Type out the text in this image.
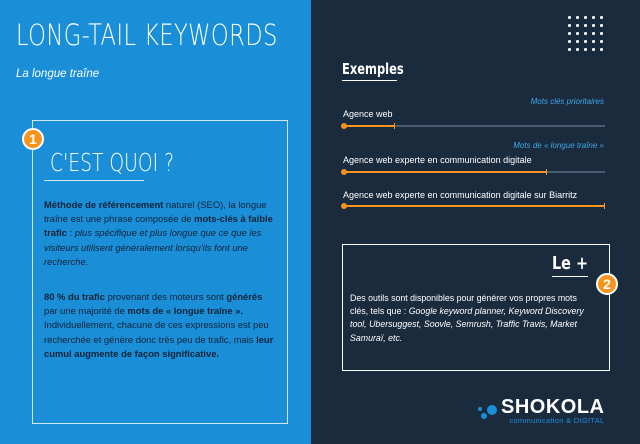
LONG-TAIL KEYWORDS
La longue traîne
1
C'EST QUOI ?

Méthode de référencement naturel (SEO), la longue traîne est une phrase composée de mots-clés à faible trafic : plus spécifique et plus longue que ce que les visiteurs utilisent généralement lorsqu'ils font une recherche.

80 % du trafic provenant des moteurs sont générés par une majorité de mots de « longue traîne ». Individuellement, chacune de ces expressions est peu recherchée et génère donc très peu de trafic, mais leur cumul augmente de façon significative.

Exemples
Mots clés prioritaires
Mots de « longue traîne »
Agence web
Agence web experte en communication digitale
Agence web experte en communication digitale sur Biarritz
Le +
2

Des outils sont disponibles pour générer vos propres mots clés, tels que : Google keyword planner, Keyword Discovery tool, Ubersuggest, Soovle, Semrush, Traffic Travis, Market Samuraï, etc.

SHOKOLA
communication & DIGITAL
